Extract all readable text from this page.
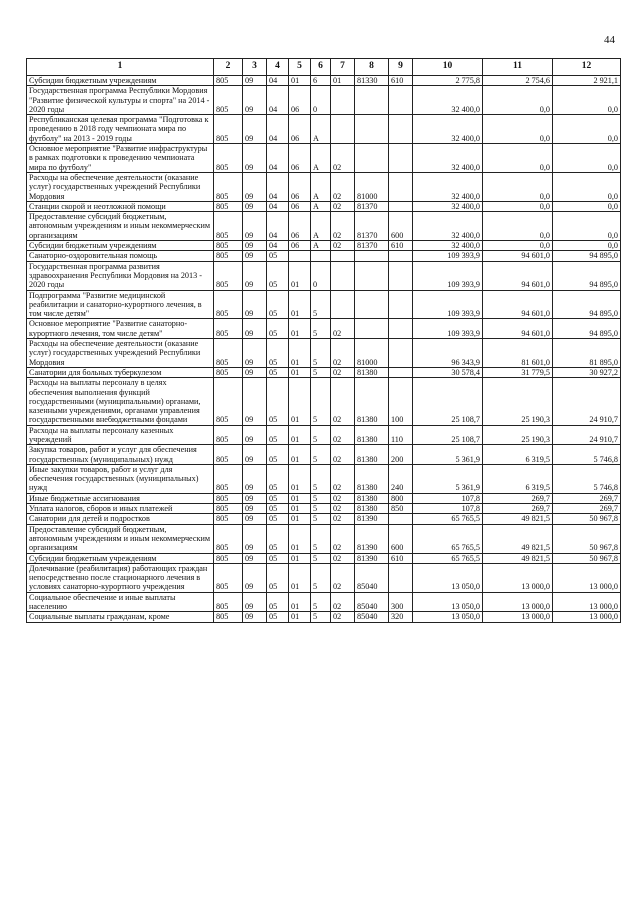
44
1	2	3	4	5	6	7	8	9	10	11	12
Субсидии бюджетным учреждениям	805	09	04	01	6	01	81330	610	2 775,8	2 754,6	2 921,1
Государственная программа Республики Мордовия "Развитие физической культуры и спорта" на 2014 - 2020 годы	805	09	04	06	0				32 400,0	0,0	0,0
Республиканская целевая программа "Подготовка к проведению в 2018 году чемпионата мира по футболу" на 2013 - 2019 годы	805	09	04	06	А				32 400,0	0,0	0,0
Основное мероприятие "Развитие инфраструктуры в рамках подготовки к проведению чемпионата мира по футболу"	805	09	04	06	А	02			32 400,0	0,0	0,0
Расходы на обеспечение деятельности (оказание услуг) государственных учреждений Республики Мордовия	805	09	04	06	А	02	81000		32 400,0	0,0	0,0
Станции скорой и неотложной помощи	805	09	04	06	А	02	81370		32 400,0	0,0	0,0
Предоставление субсидий бюджетным, автономным учреждениям и иным некоммерческим организациям	805	09	04	06	А	02	81370	600	32 400,0	0,0	0,0
Субсидии бюджетным учреждениям	805	09	04	06	А	02	81370	610	32 400,0	0,0	0,0
Санаторно-оздоровительная помощь	805	09	05						109 393,9	94 601,0	94 895,0
Государственная программа развития здравоохранения Республики Мордовия на 2013 - 2020 годы	805	09	05	01	0				109 393,9	94 601,0	94 895,0
Подпрограмма "Развитие медицинской реабилитации и санаторно-курортного лечения, в том числе детям"	805	09	05	01	5				109 393,9	94 601,0	94 895,0
Основное мероприятие "Развитие санаторно-курортного лечения, том числе детям"	805	09	05	01	5	02			109 393,9	94 601,0	94 895,0
Расходы на обеспечение деятельности (оказание услуг) государственных учреждений Республики Мордовия	805	09	05	01	5	02	81000		96 343,9	81 601,0	81 895,0
Санатории для больных туберкулезом	805	09	05	01	5	02	81380		30 578,4	31 779,5	30 927,2
Расходы на выплаты персоналу в целях обеспечения выполнения функций государственными (муниципальными) органами, казенными учреждениями, органами управления государственными внебюджетными фондами	805	09	05	01	5	02	81380	100	25 108,7	25 190,3	24 910,7
Расходы на выплаты персоналу казенных учреждений	805	09	05	01	5	02	81380	110	25 108,7	25 190,3	24 910,7
Закупка товаров, работ и услуг для обеспечения государственных (муниципальных) нужд	805	09	05	01	5	02	81380	200	5 361,9	6 319,5	5 746,8
Иные закупки товаров, работ и услуг для обеспечения государственных (муниципальных) нужд	805	09	05	01	5	02	81380	240	5 361,9	6 319,5	5 746,8
Иные бюджетные ассигнования	805	09	05	01	5	02	81380	800	107,8	269,7	269,7
Уплата налогов, сборов и иных платежей	805	09	05	01	5	02	81380	850	107,8	269,7	269,7
Санатории для детей и подростков	805	09	05	01	5	02	81390		65 765,5	49 821,5	50 967,8
Предоставление субсидий бюджетным, автономным учреждениям и иным некоммерческим организациям	805	09	05	01	5	02	81390	600	65 765,5	49 821,5	50 967,8
Субсидии бюджетным учреждениям	805	09	05	01	5	02	81390	610	65 765,5	49 821,5	50 967,8
Долечивание (реабилитация) работающих граждан непосредственно после стационарного лечения в условиях санаторно-курортного учреждения	805	09	05	01	5	02	85040		13 050,0	13 000,0	13 000,0
Социальное обеспечение и иные выплаты населению	805	09	05	01	5	02	85040	300	13 050,0	13 000,0	13 000,0
Социальные выплаты гражданам, кроме	805	09	05	01	5	02	85040	320	13 050,0	13 000,0	13 000,0
